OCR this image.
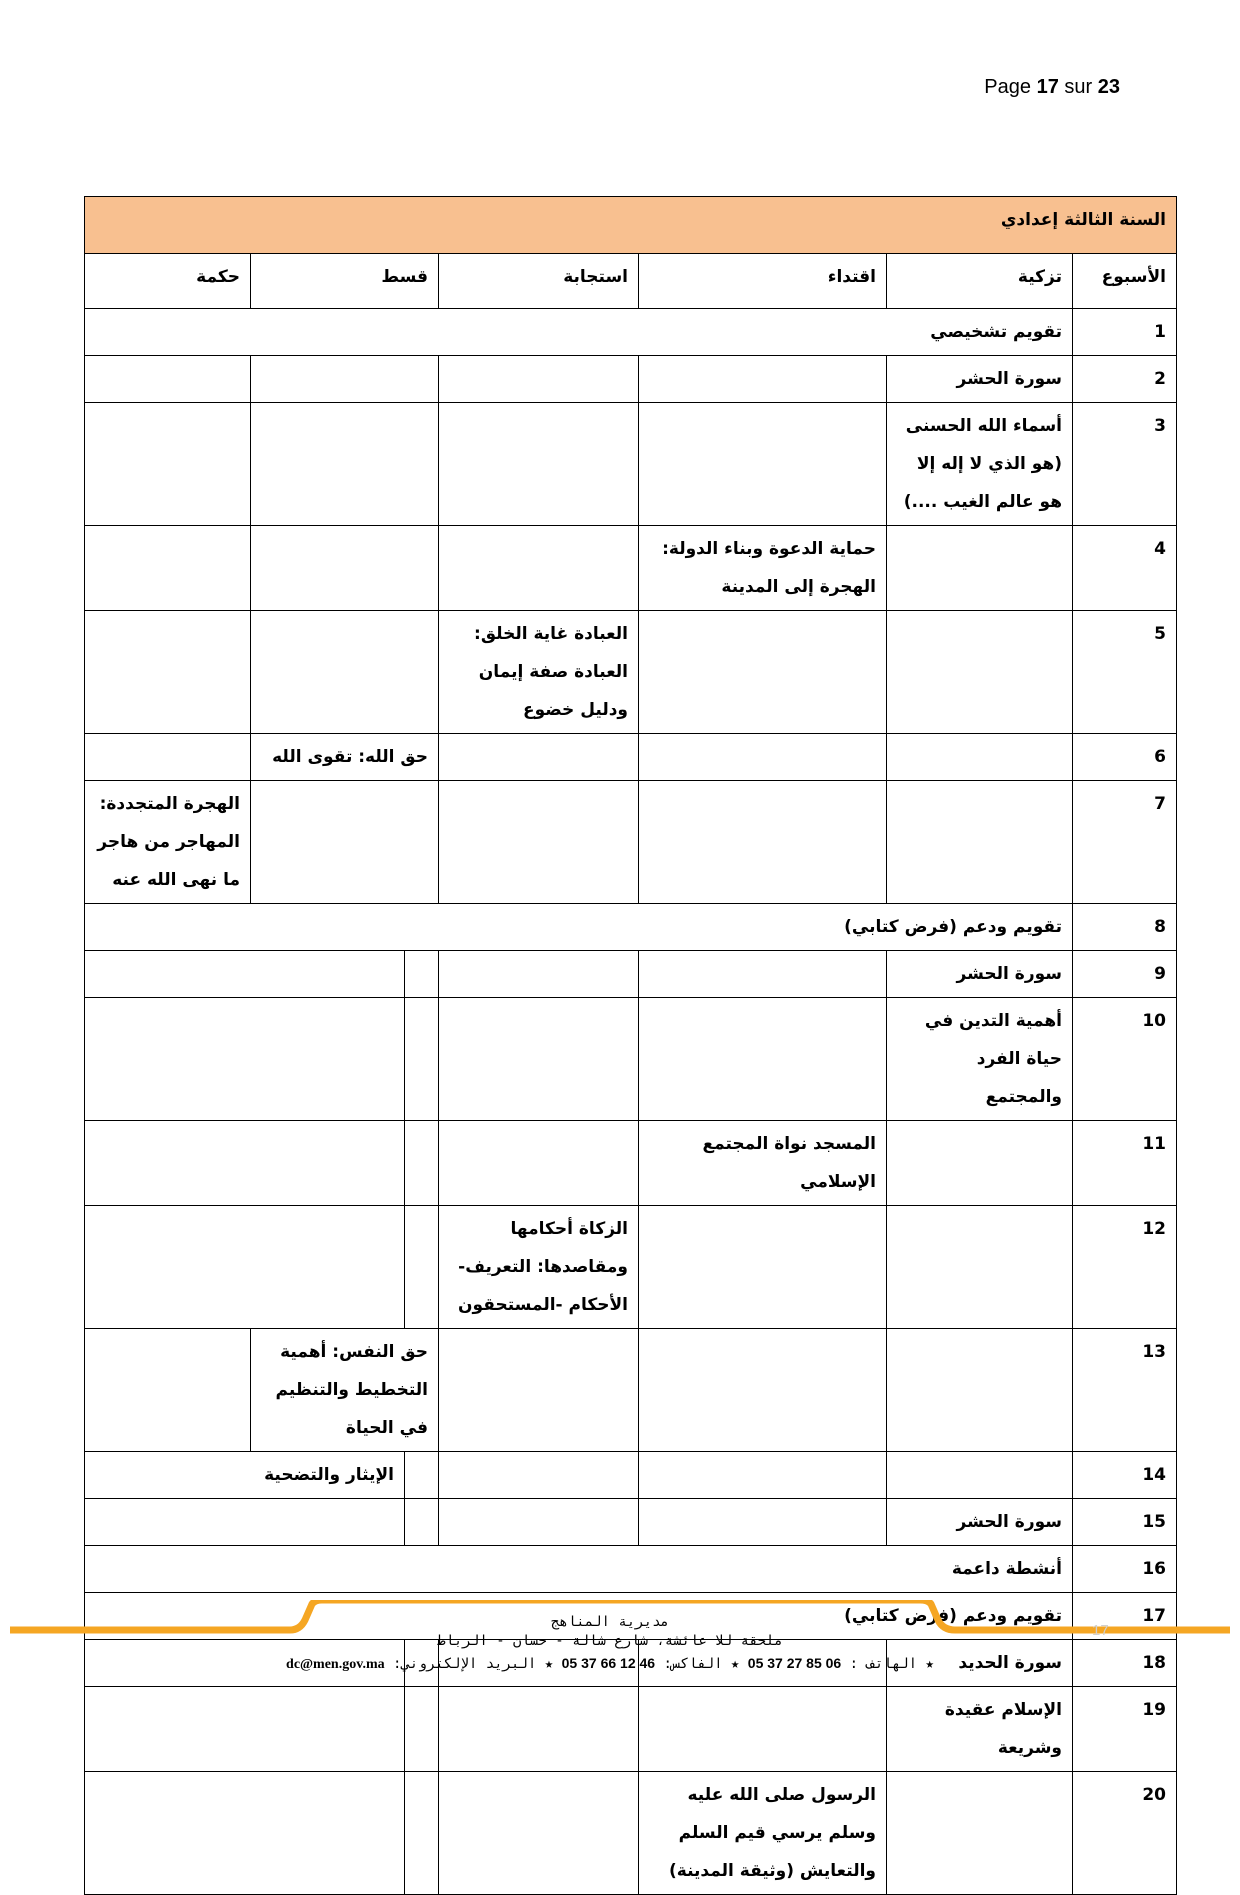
Page 17 sur 23
السنة الثالثة إعدادي						
الأسبوع	تزكية	اقتداء	استجابة	قسط		حكمة
1	تقويم تشخيصي					
2	سورة الحشر					
3	أسماء الله الحسنى (هو الذي لا إله إلا هو عالم الغيب ....)					
4		حماية الدعوة وبناء الدولة: الهجرة إلى المدينة				
5			العبادة غاية الخلق: العبادة صفة إيمان ودليل خضوع			
6				حق الله: تقوى الله		
7						الهجرة المتجددة: المهاجر من هاجر ما نهى الله عنه
8	تقويم ودعم (فرض كتابي)					
9	سورة الحشر					
10	أهمية التدين في حياة الفرد والمجتمع					
11		المسجد نواة المجتمع الإسلامي				
12			الزكاة أحكامها ومقاصدها: التعريف- الأحكام -المستحقون			
13				حق النفس: أهمية التخطيط والتنظيم في الحياة		
14					الإيثار والتضحية	
15	سورة الحشر					
16	أنشطة داعمة					
17	تقويم ودعم (فرض كتابي)					
18	سورة الحديد					
19	الإسلام عقيدة وشريعة					
20		الرسول صلى الله عليه وسلم يرسي قيم السلم والتعايش (وثيقة المدينة)				
17
مديرية المناهج
ملحقة للا عائشة، شارع شالة - حسان - الرباط
★ الهاتف : 05 37 27 85 06 ★ الفاكس: 05 37 66 12 46 ★ البريد الإلكتروني: dc@men.gov.ma
